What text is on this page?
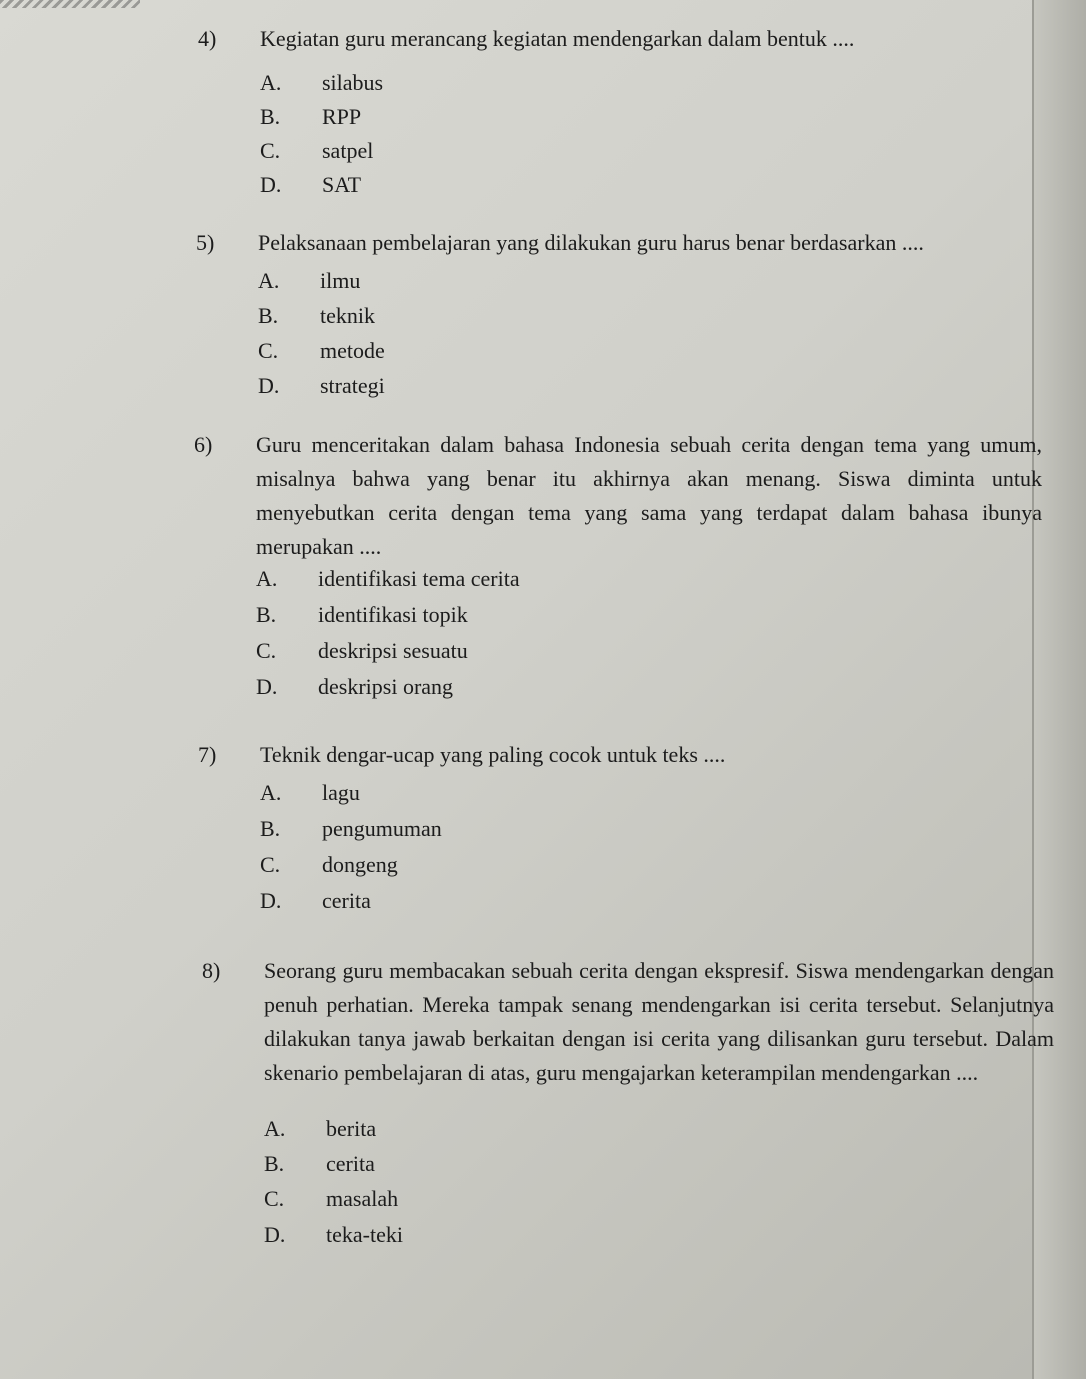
4) Kegiatan guru merancang kegiatan mendengarkan dalam bentuk ....
A. silabus
B. RPP
C. satpel
D. SAT
5) Pelaksanaan pembelajaran yang dilakukan guru harus benar berdasarkan ....
A. ilmu
B. teknik
C. metode
D. strategi
6) Guru menceritakan dalam bahasa Indonesia sebuah cerita dengan tema yang umum, misalnya bahwa yang benar itu akhirnya akan menang. Siswa diminta untuk menyebutkan cerita dengan tema yang sama yang terdapat dalam bahasa ibunya merupakan ....
A. identifikasi tema cerita
B. identifikasi topik
C. deskripsi sesuatu
D. deskripsi orang
7) Teknik dengar-ucap yang paling cocok untuk teks ....
A. lagu
B. pengumuman
C. dongeng
D. cerita
8) Seorang guru membacakan sebuah cerita dengan ekspresif. Siswa mendengarkan dengan penuh perhatian. Mereka tampak senang mendengarkan isi cerita tersebut. Selanjutnya dilakukan tanya jawab berkaitan dengan isi cerita yang dilisankan guru tersebut. Dalam skenario pembelajaran di atas, guru mengajarkan keterampilan mendengarkan ....
A. berita
B. cerita
C. masalah
D. teka-teki
